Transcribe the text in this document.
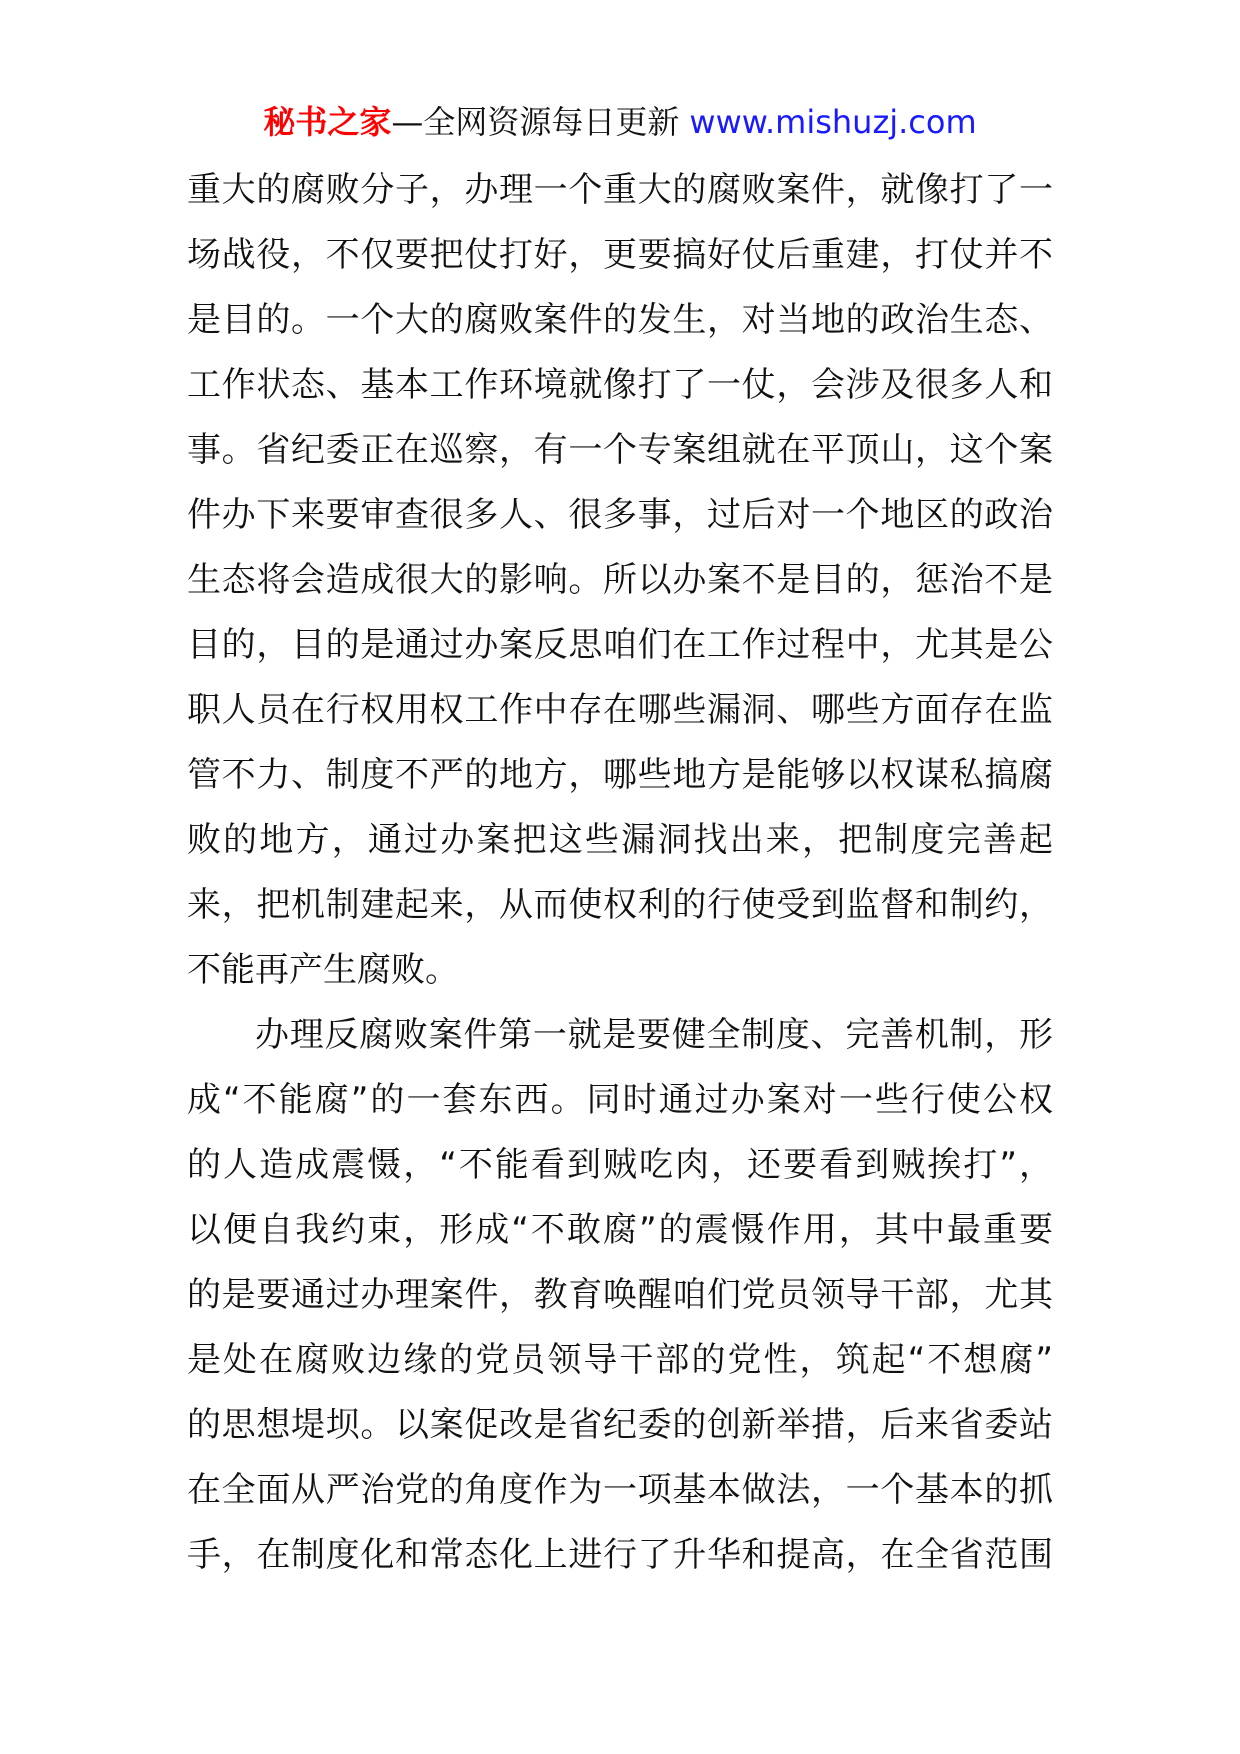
秘书之家—全网资源每日更新 www.mishuzj.com
重大的腐败分子，办理一个重大的腐败案件，就像打了一
场战役，不仅要把仗打好，更要搞好仗后重建，打仗并不
是目的。一个大的腐败案件的发生，对当地的政治生态、
工作状态、基本工作环境就像打了一仗，会涉及很多人和
事。省纪委正在巡察，有一个专案组就在平顶山，这个案
件办下来要审查很多人、很多事，过后对一个地区的政治
生态将会造成很大的影响。所以办案不是目的，惩治不是
目的，目的是通过办案反思咱们在工作过程中，尤其是公
职人员在行权用权工作中存在哪些漏洞、哪些方面存在监
管不力、制度不严的地方，哪些地方是能够以权谋私搞腐
败的地方，通过办案把这些漏洞找出来，把制度完善起
来，把机制建起来，从而使权利的行使受到监督和制约，
不能再产生腐败。
办理反腐败案件第一就是要健全制度、完善机制，形
成“不能腐”的一套东西。同时通过办案对一些行使公权
的人造成震慑，“不能看到贼吃肉，还要看到贼挨打”，
以便自我约束，形成“不敢腐”的震慑作用，其中最重要
的是要通过办理案件，教育唤醒咱们党员领导干部，尤其
是处在腐败边缘的党员领导干部的党性，筑起“不想腐”
的思想堤坝。以案促改是省纪委的创新举措，后来省委站
在全面从严治党的角度作为一项基本做法，一个基本的抓
手，在制度化和常态化上进行了升华和提高，在全省范围
